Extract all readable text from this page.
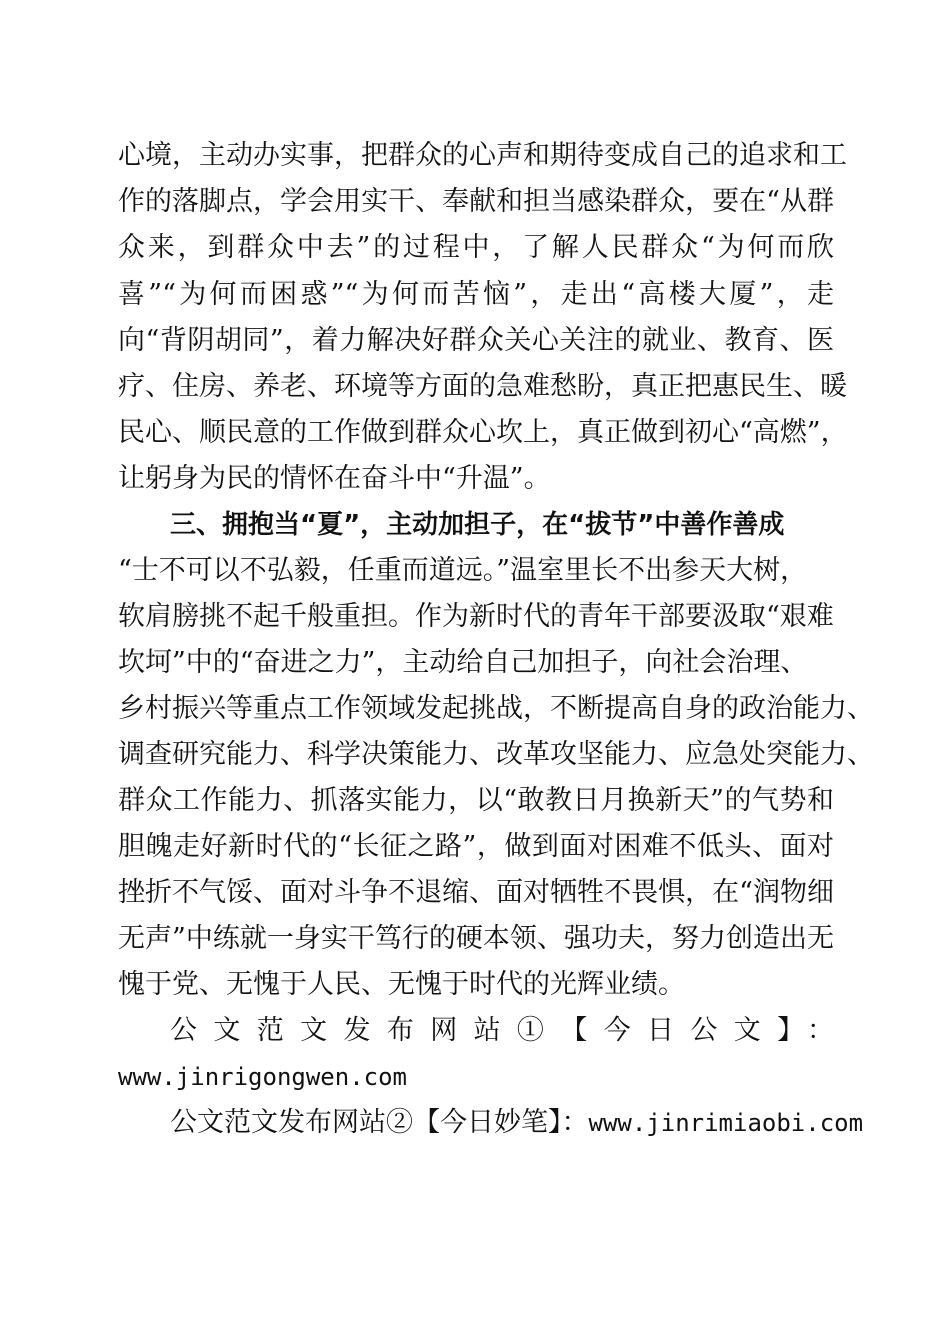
心境，主动办实事，把群众的心声和期待变成自己的追求和工
作的落脚点，学会用实干、奉献和担当感染群众，要在“从群
众来，到群众中去”的过程中，了解人民群众“为何而欣
喜”“为何而困惑”“为何而苦恼”，走出“高楼大厦”，走
向“背阴胡同”，着力解决好群众关心关注的就业、教育、医
疗、住房、养老、环境等方面的急难愁盼，真正把惠民生、暖
民心、顺民意的工作做到群众心坎上，真正做到初心“高燃”，
让躬身为民的情怀在奋斗中“升温”。
三、拥抱当“夏”，主动加担子，在“拔节”中善作善成
“士不可以不弘毅，任重而道远。”温室里长不出参天大树，
软肩膀挑不起千般重担。作为新时代的青年干部要汲取“艰难
坎坷”中的“奋进之力”，主动给自己加担子，向社会治理、
乡村振兴等重点工作领域发起挑战，不断提高自身的政治能力、
调查研究能力、科学决策能力、改革攻坚能力、应急处突能力、
群众工作能力、抓落实能力，以“敢教日月换新天”的气势和
胆魄走好新时代的“长征之路”，做到面对困难不低头、面对
挫折不气馁、面对斗争不退缩、面对牺牲不畏惧，在“润物细
无声”中练就一身实干笃行的硬本领、强功夫，努力创造出无
愧于党、无愧于人民、无愧于时代的光辉业绩。
公文范文发布网站①【今日公文】：
www.jinrigongwen.com
公文范文发布网站②【今日妙笔】：www.jinrimiaobi.com
